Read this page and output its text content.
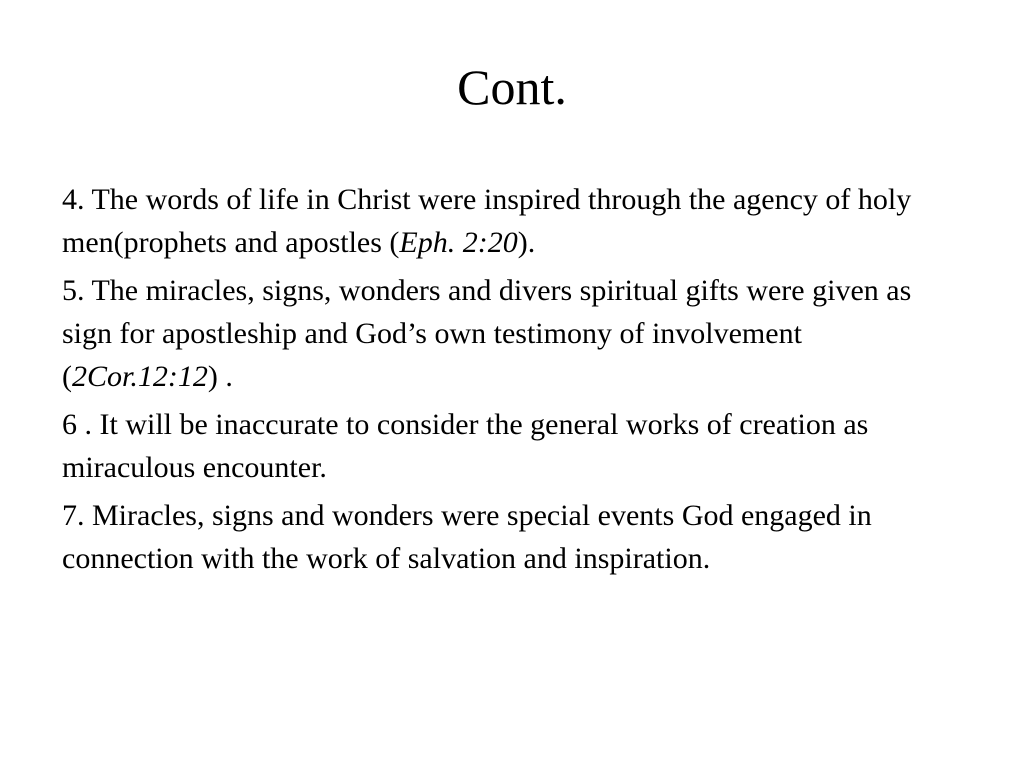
Cont.
4. The words of life in Christ were inspired through the agency of holy men(prophets and apostles (Eph. 2:20).
5. The miracles, signs, wonders and divers spiritual gifts were given as sign for apostleship and God’s own testimony of involvement (2Cor.12:12) .
6 . It will be inaccurate to consider the general works of creation as miraculous encounter.
7. Miracles, signs and wonders were special events God engaged in connection with the work of salvation and inspiration.
